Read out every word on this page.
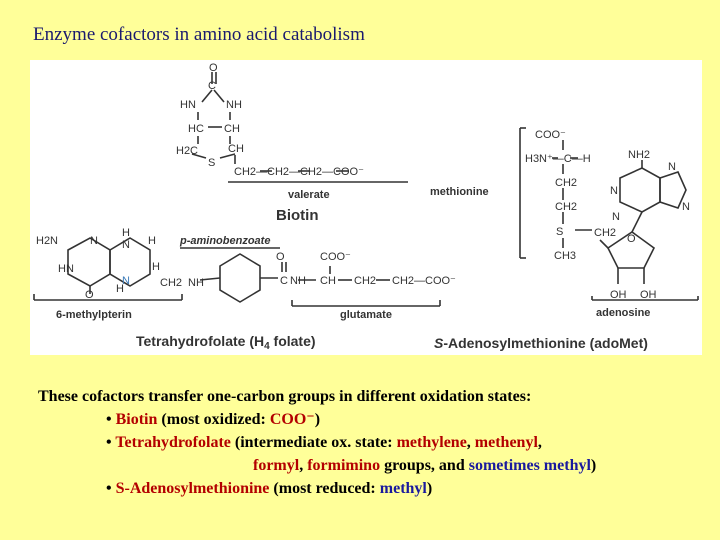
Enzyme cofactors in amino acid catabolism
O
C
HN	NH
HC CH
H2C	CH
S
CH2—CH2—CH2—COO⁻
COO⁻
H3N⁺—C—H
CH2
CH2
S
CH3
CH2
NH2
N
N
N
N
O
OH OH
H2N	N
HN
O
H
N H
H
H	CH2 NH
O
C NH
COO⁻
CH CH2 CH2—COO⁻
N
Biotin
valerate	methionine
adenosine
6-methylpterin
p-aminobenzoate
glutamate
Tetrahydrofolate ($H_4$ folate)	S-Adenosylmethionine (adoMet)
These cofactors transfer one-carbon groups in different oxidation states:
• Biotin (most oxidized: COO⁻)
• Tetrahydrofolate (intermediate ox. state: methylene, methenyl,
formyl, formimino groups, and sometimes methyl)
• S-Adenosylmethionine (most reduced: methyl)
